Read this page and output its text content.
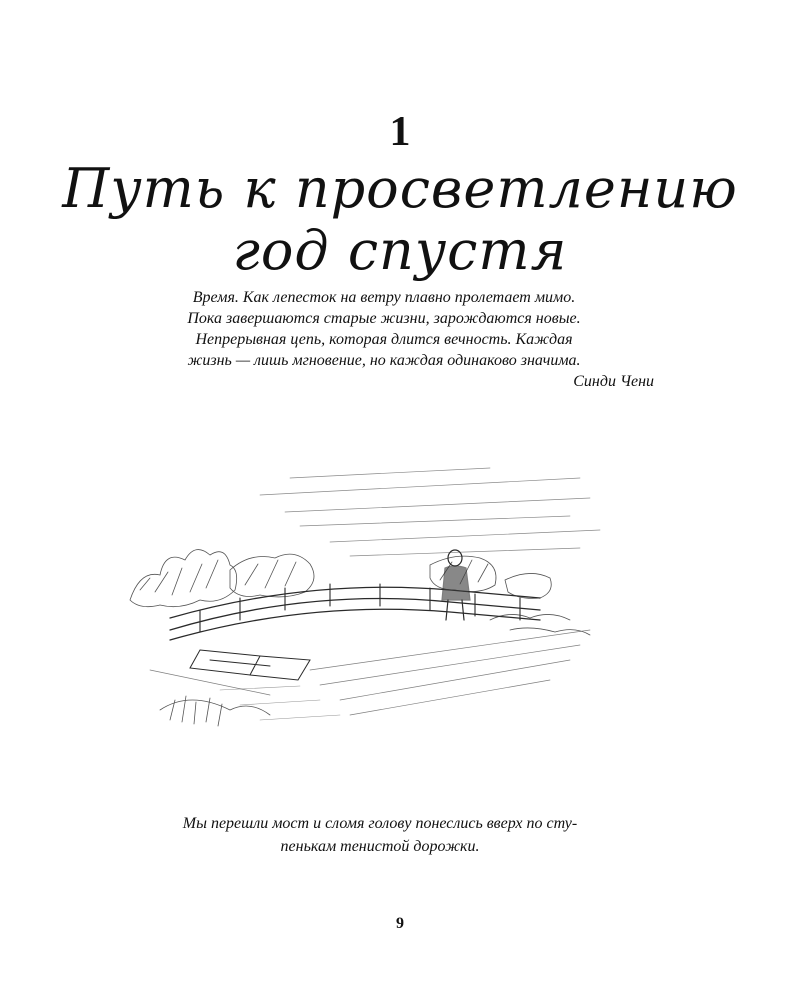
1
Путь к просветлению
год спустя
Время. Как лепесток на ветру плавно пролетает мимо.
Пока завершаются старые жизни, зарождаются новые.
Непрерывная цепь, которая длится вечность. Каждая
жизнь — лишь мгновение, но каждая одинаково значима.
Синди Чени
Мы перешли мост и сломя голову понеслись вверх по сту-
пенькам тенистой дорожки.
9
